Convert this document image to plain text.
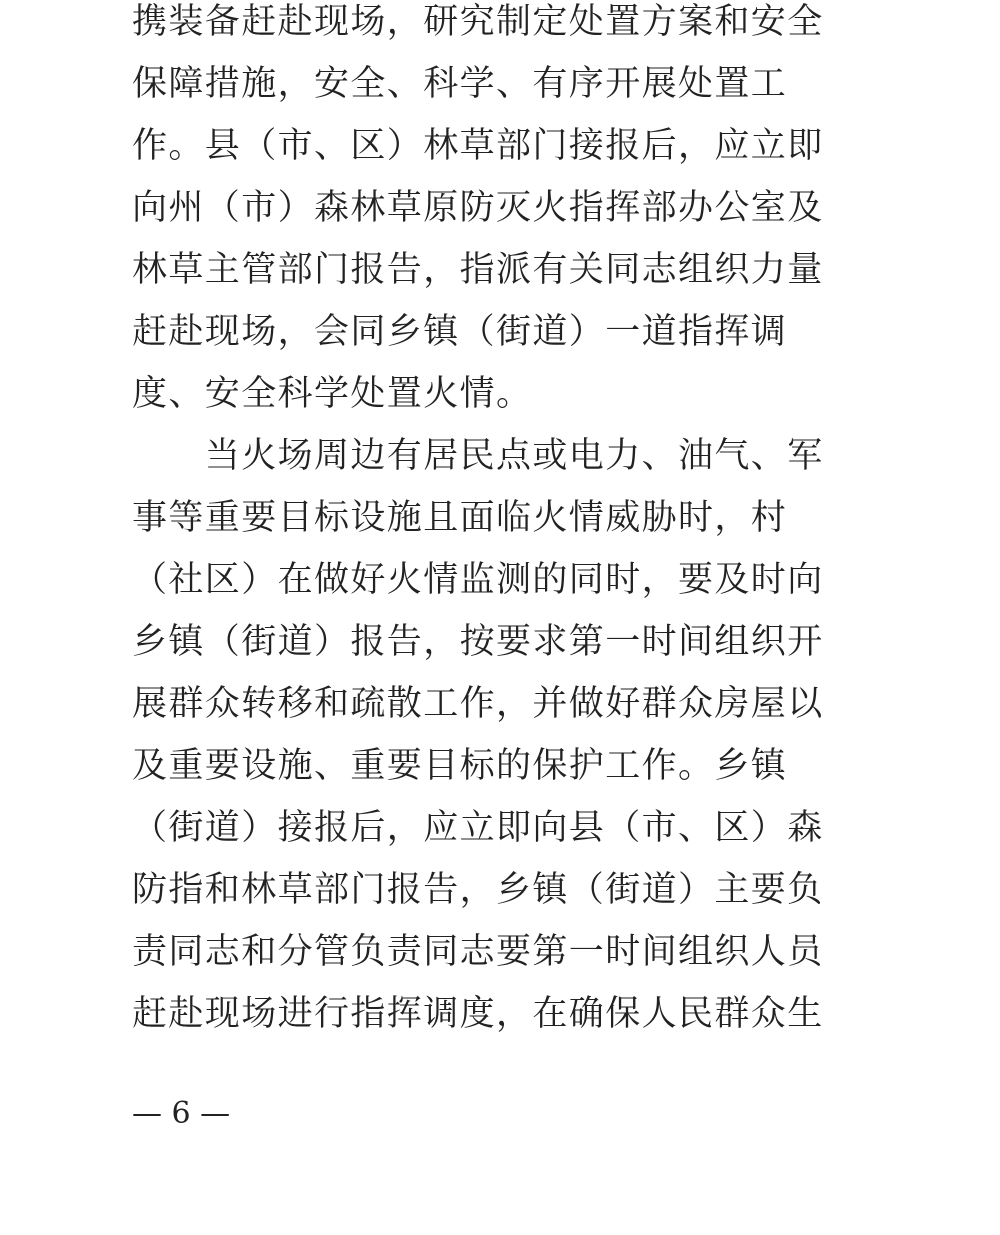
携装备赶赴现场，研究制定处置方案和安全
保障措施，安全、科学、有序开展处置工
作。县（市、区）林草部门接报后，应立即
向州（市）森林草原防灭火指挥部办公室及
林草主管部门报告，指派有关同志组织力量
赶赴现场，会同乡镇（街道）一道指挥调
度、安全科学处置火情。
　　当火场周边有居民点或电力、油气、军
事等重要目标设施且面临火情威胁时，村
（社区）在做好火情监测的同时，要及时向
乡镇（街道）报告，按要求第一时间组织开
展群众转移和疏散工作，并做好群众房屋以
及重要设施、重要目标的保护工作。乡镇
（街道）接报后，应立即向县（市、区）森
防指和林草部门报告，乡镇（街道）主要负
责同志和分管负责同志要第一时间组织人员
赶赴现场进行指挥调度，在确保人民群众生
— 6 —
